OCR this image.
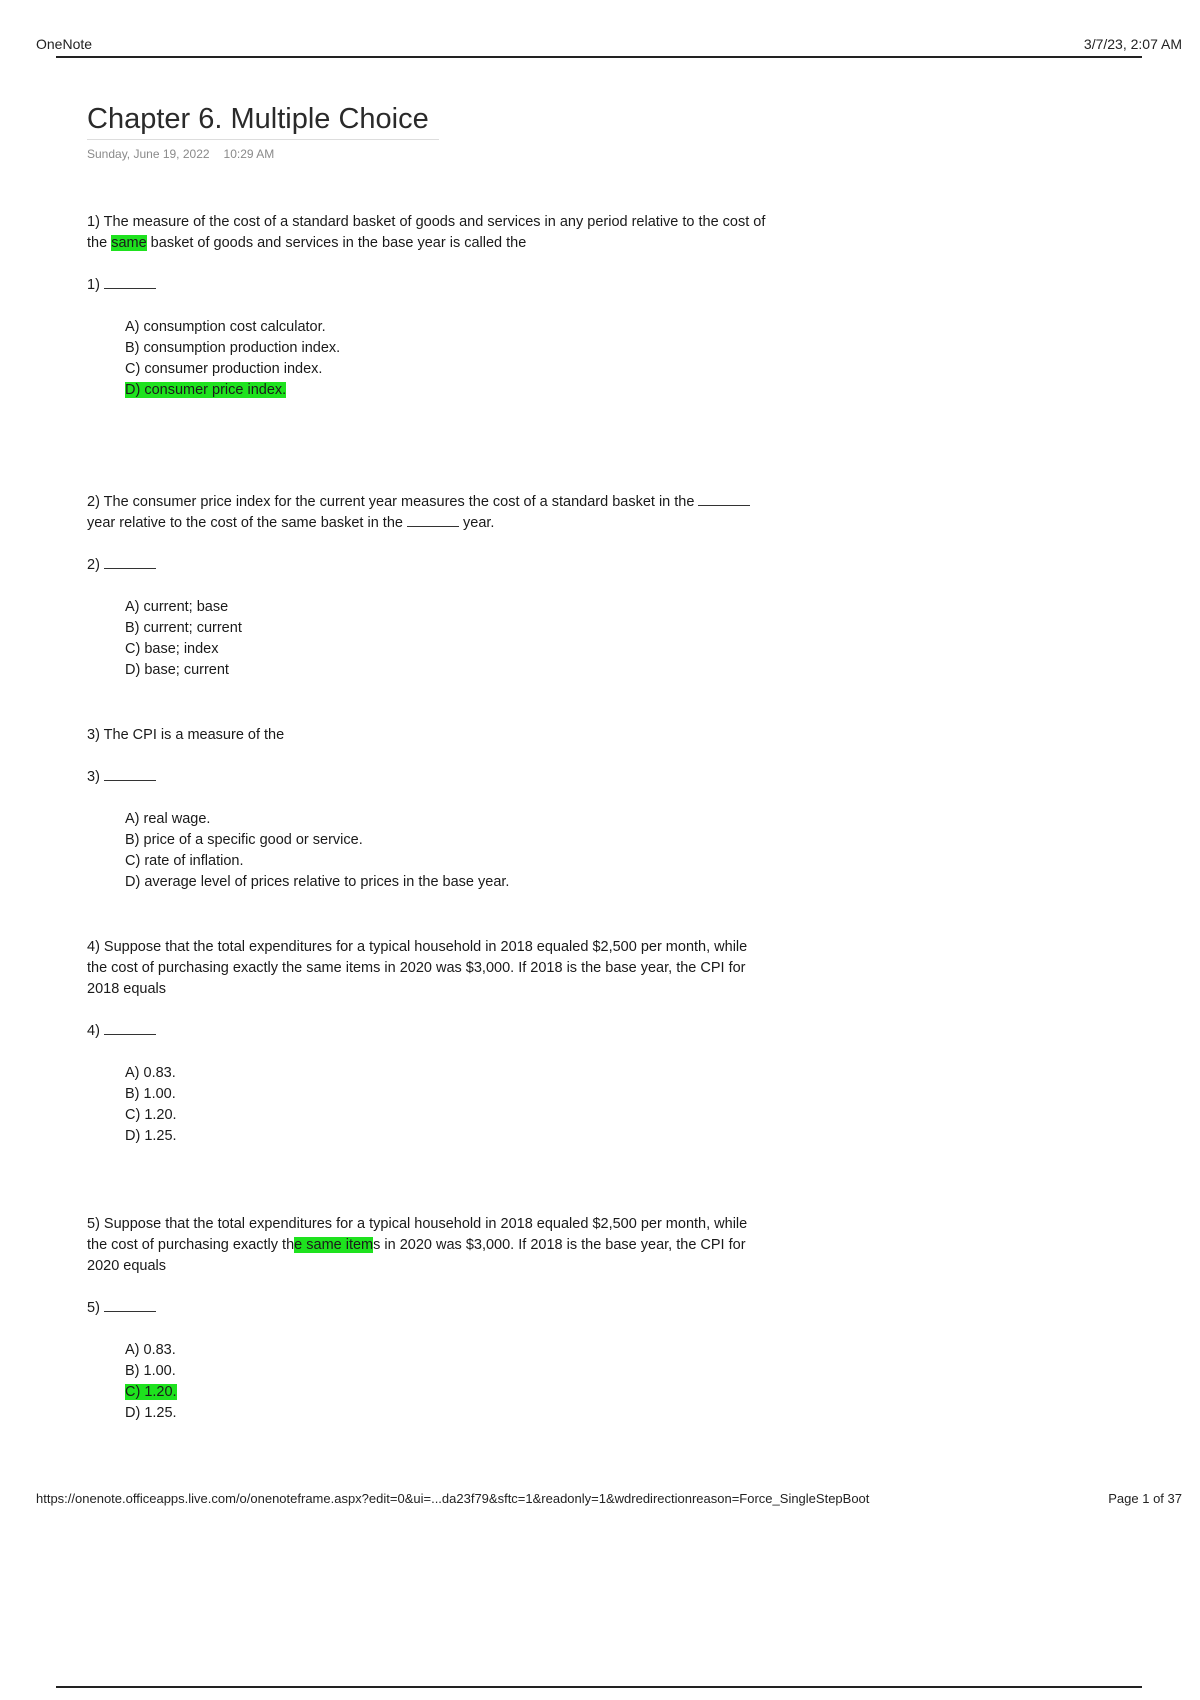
OneNote	3/7/23, 2:07 AM
Chapter 6. Multiple Choice
Sunday, June 19, 2022 10:29 AM

1) The measure of the cost of a standard basket of goods and services in any period relative to the cost of the same basket of goods and services in the base year is called the

1)

A) consumption cost calculator.
B) consumption production index.
C) consumer production index.
D) consumer price index.

2) The consumer price index for the current year measures the cost of a standard basket in the  year relative to the cost of the same basket in the	year.

2)

A) current; base
B) current; current
C) base; index
D) base; current

3) The CPI is a measure of the

3)

A) real wage.
B) price of a specific good or service.
C) rate of inflation.
D) average level of prices relative to prices in the base year.

4) Suppose that the total expenditures for a typical household in 2018 equaled $2,500 per month, while the cost of purchasing exactly the same items in 2020 was $3,000. If 2018 is the base year, the CPI for 2018 equals

4)

A) 0.83.
B) 1.00.
C) 1.20.
D) 1.25.

5) Suppose that the total expenditures for a typical household in 2018 equaled $2,500 per month, while the cost of purchasing exactly the same items in 2020 was $3,000. If 2018 is the base year, the CPI for 2020 equals

5)

A) 0.83.
B) 1.00.
C) 1.20.
D) 1.25.
https://onenote.officeapps.live.com/o/onenoteframe.aspx?edit=0&ui=...da23f79&sftc=1&readonly=1&wdredirectionreason=Force_SingleStepBoot	Page 1 of 37
